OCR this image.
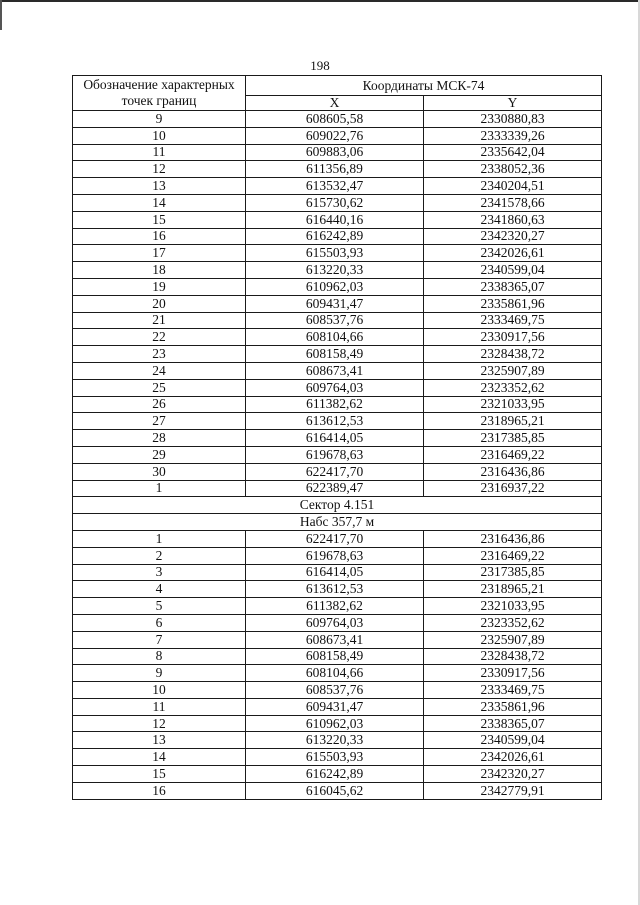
198
Обозначение характерных точек границ	Координаты МСК-74	
	X	Y
9	608605,58	2330880,83
10	609022,76	2333339,26
11	609883,06	2335642,04
12	611356,89	2338052,36
13	613532,47	2340204,51
14	615730,62	2341578,66
15	616440,16	2341860,63
16	616242,89	2342320,27
17	615503,93	2342026,61
18	613220,33	2340599,04
19	610962,03	2338365,07
20	609431,47	2335861,96
21	608537,76	2333469,75
22	608104,66	2330917,56
23	608158,49	2328438,72
24	608673,41	2325907,89
25	609764,03	2323352,62
26	611382,62	2321033,95
27	613612,53	2318965,21
28	616414,05	2317385,85
29	619678,63	2316469,22
30	622417,70	2316436,86
1	622389,47	2316937,22
Сектор 4.151		
Набс 357,7 м		
1	622417,70	2316436,86
2	619678,63	2316469,22
3	616414,05	2317385,85
4	613612,53	2318965,21
5	611382,62	2321033,95
6	609764,03	2323352,62
7	608673,41	2325907,89
8	608158,49	2328438,72
9	608104,66	2330917,56
10	608537,76	2333469,75
11	609431,47	2335861,96
12	610962,03	2338365,07
13	613220,33	2340599,04
14	615503,93	2342026,61
15	616242,89	2342320,27
16	616045,62	2342779,91
